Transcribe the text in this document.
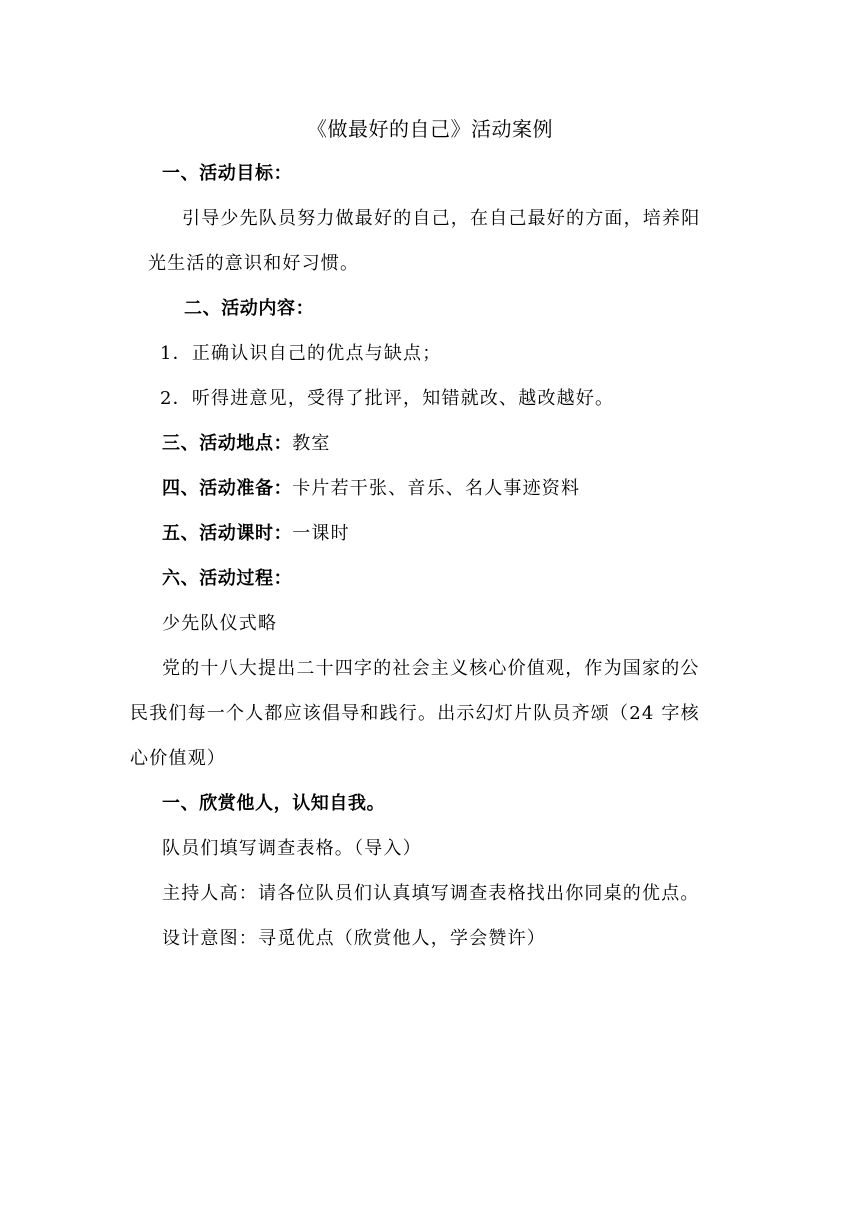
《做最好的自己》活动案例
一、活动目标：
引导少先队员努力做最好的自己，在自己最好的方面，培养阳
光生活的意识和好习惯。
二、活动内容：
1．正确认识自己的优点与缺点；
2．听得进意见，受得了批评，知错就改、越改越好。
三、活动地点：教室
四、活动准备：卡片若干张、音乐、名人事迹资料
五、活动课时：一课时
六、活动过程：
少先队仪式略
党的十八大提出二十四字的社会主义核心价值观，作为国家的公
民我们每一个人都应该倡导和践行。出示幻灯片队员齐颂（24 字核
心价值观）
一、欣赏他人，认知自我。
队员们填写调查表格。（导入）
主持人高：请各位队员们认真填写调查表格找出你同桌的优点。
设计意图：寻觅优点（欣赏他人，学会赞许）
